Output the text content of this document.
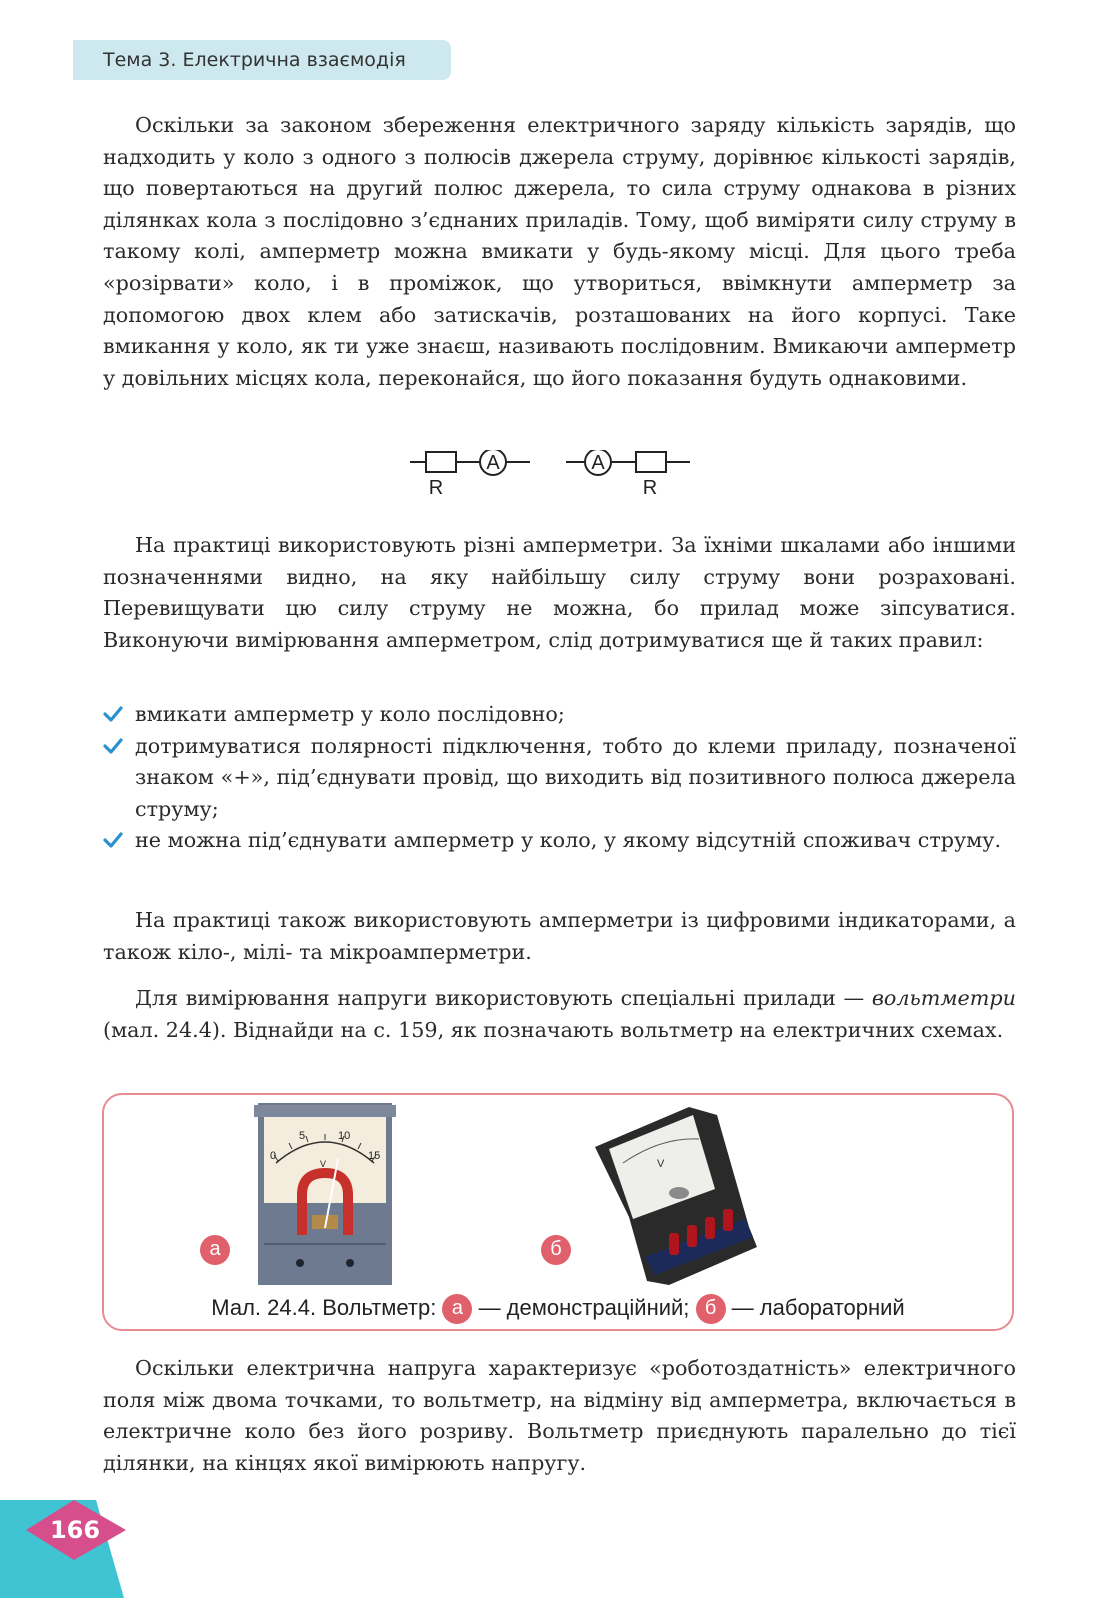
Тема 3. Електрична взаємодія

Оскільки за законом збереження електричного заряду кількість зарядів, що надходить у коло з одного з полюсів джерела струму, дорівнює кількості зарядів, що повертаються на другий полюс джерела, то сила струму однакова в різних ділянках кола з послідовно з’єднаних приладів. Тому, щоб виміряти силу струму в такому колі, амперметр можна вмикати у будь-якому місці. Для цього треба «розірвати» коло, і в проміжок, що утвориться, ввімкнути амперметр за допомогою двох клем або затискачів, розташованих на його корпусі. Таке вмикання у коло, як ти уже знаєш, називають послідовним. Вмикаючи амперметр у довільних місцях кола, переконайся, що його показання будуть однаковими.

A
R
A
R

На практиці використовують різні амперметри. За їхніми шкалами або іншими позначеннями видно, на яку найбільшу силу струму вони розраховані. Перевищувати цю силу струму не можна, бо прилад може зіпсуватися. Виконуючи вимірювання амперметром, слід дотримуватися ще й таких правил:

вмикати амперметр у коло послідовно;
дотримуватися полярності підключення, тобто до клеми приладу, позначеної знаком «+», під’єднувати провід, що виходить від позитивного полюса джерела струму;
не можна під’єднувати амперметр у коло, у якому відсутній споживач струму.

На практиці також використовують амперметри із цифровими індикаторами, а також кіло-, мілі- та мікроамперметри.

Для вимірювання напруги використовують спеціальні прилади — вольтметри (мал. 24.4). Віднайди на с. 159, як позначають вольтметр на електричних схемах.

0
5	10
15
V
а
V
б
Мал. 24.4. Вольтметр: а — демонстраційний; б — лабораторний

Оскільки електрична напруга характеризує «роботоздатність» електричного поля між двома точками, то вольтметр, на відміну від амперметра, включається в електричне коло без його розриву. Вольтметр приєднують паралельно до тієї ділянки, на кінцях якої вимірюють напругу.

166
